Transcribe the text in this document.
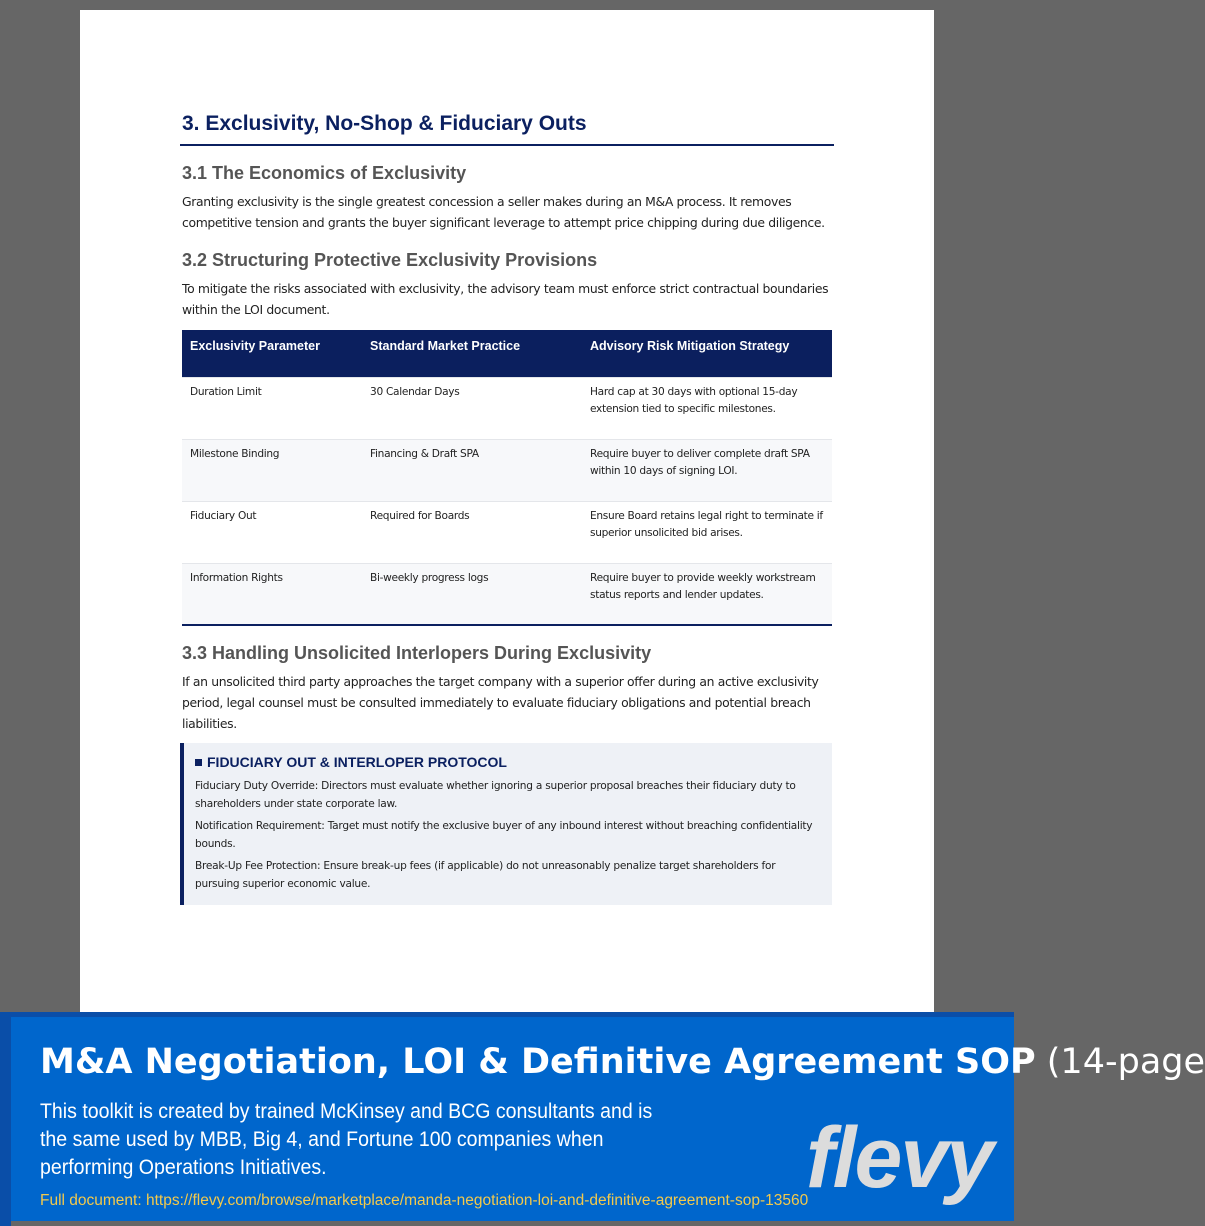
3. Exclusivity, No-Shop & Fiduciary Outs
3.1 The Economics of Exclusivity

Granting exclusivity is the single greatest concession a seller makes during an M&A process. It removes competitive tension and grants the buyer significant leverage to attempt price chipping during due diligence.

3.2 Structuring Protective Exclusivity Provisions

To mitigate the risks associated with exclusivity, the advisory team must enforce strict contractual boundaries within the LOI document.

Exclusivity Parameter	Standard Market Practice	Advisory Risk Mitigation Strategy
Duration Limit	30 Calendar Days	Hard cap at 30 days with optional 15-day extension tied to specific milestones.
Milestone Binding	Financing & Draft SPA	Require buyer to deliver complete draft SPA within 10 days of signing LOI.
Fiduciary Out	Required for Boards	Ensure Board retains legal right to terminate if superior unsolicited bid arises.
Information Rights	Bi-weekly progress logs	Require buyer to provide weekly workstream status reports and lender updates.
3.3 Handling Unsolicited Interlopers During Exclusivity

If an unsolicited third party approaches the target company with a superior offer during an active exclusivity period, legal counsel must be consulted immediately to evaluate fiduciary obligations and potential breach liabilities.

FIDUCIARY OUT & INTERLOPER PROTOCOL

Fiduciary Duty Override: Directors must evaluate whether ignoring a superior proposal breaches their fiduciary duty to shareholders under state corporate law.

Notification Requirement: Target must notify the exclusive buyer of any inbound interest without breaching confidentiality bounds.

Break-Up Fee Protection: Ensure break-up fees (if applicable) do not unreasonably penalize target shareholders for pursuing superior economic value.

M&A Negotiation, LOI & Definitive Agreement SOP (14-page
This toolkit is created by trained McKinsey and BCG consultants and is the same used by MBB, Big 4, and Fortune 100 companies when performing Operations Initiatives.
Full document: https://flevy.com/browse/marketplace/manda-negotiation-loi-and-definitive-agreement-sop-13560
flevy
